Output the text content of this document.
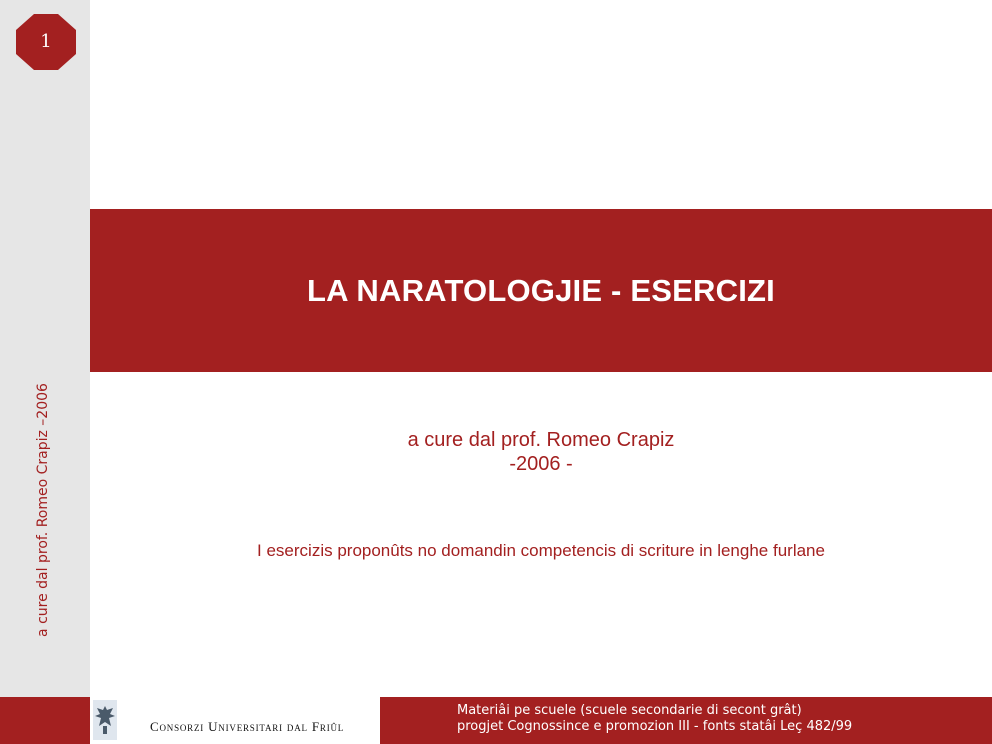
1
a cure dal prof. Romeo Crapiz –2006
LA NARATOLOGJIE - ESERCIZI
a cure dal prof. Romeo Crapiz
-2006 -
I esercizis proponûts no domandin competencis di scriture in lenghe furlane
Consorzi Universitari dal Friûl
Materiâi pe scuele (scuele secondarie di secont grât)
progjet Cognossince e promozion III - fonts statâi Leç 482/99
